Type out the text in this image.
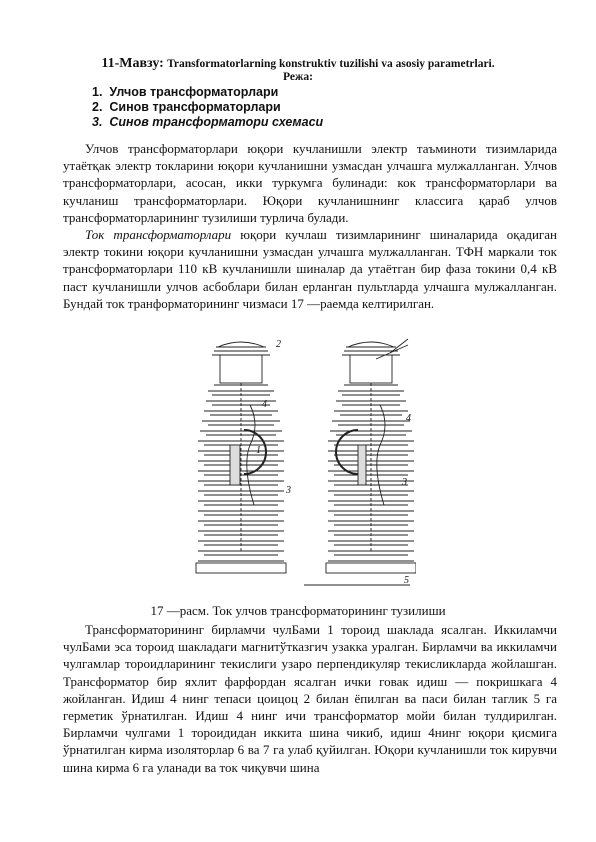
11-Мавзу: Transformatorlarning konstruktiv tuzilishi va asosiy parametrlari.
Режа:
1. Улчов трансформаторлари
2. Синов трансформаторлари
3. Синов трансформатори схемаси

Улчов трансформаторлари юқори кучланишли электр таъминоти тизимларида утаётқак электр токларини юқори кучланишни узмасдан улчашга мулжалланган. Улчов трансформаторлари, асосан, икки туркумга булинади: кок трансформаторлари ва кучланиш трансформаторлари. Юқори кучланишнинг классига қараб улчов трансформаторларининг тузилиши турлича булади.

Ток трансформаторлари юқори кучлаш тизимларининг шиналарида оқадиган электр токини юқори кучланишни узмасдан улчашга мулжалланган. ТФН маркали ток трансформаторлари 110 кВ кучланишли шиналар да утаётган бир фаза токини 0,4 кВ паст кучланишли улчов асбоблари билан ерланган пультларда улчашга мулжалланган. Бундай ток транформаторининг чизмаси 17 —раемда келтирилган.

2
4
1
3
4
3
5
17 —расм. Ток улчов трансформаторининг тузилиши

Трансформаторининг бирламчи чулБами 1 тороид шаклада ясалган. Иккиламчи чулБами эса тороид шакладаги магнитўтказгич узакка уралган. Бирламчи ва иккиламчи чулгамлар тороидларининг текислиги узаро перпендикуляр текисликларда жойлашган. Трансформатор бир яхлит фарфордан ясалган ички говак идиш — покришкага 4 жойланган. Идиш 4 нинг тепаси цоицоц 2 билан ёпилган ва паси билан таглик 5 га герметик ўрнатилган. Идиш 4 нинг ичи трансформатор мойи билан тулдирилган. Бирламчи чулгами 1 тороидидан иккита шина чикиб, идиш 4нинг юқори қисмига ўрнатилган кирма изоляторлар 6 ва 7 га улаб қуйилган. Юқори кучланишли ток кирувчи шина кирма 6 га уланади ва ток чиқувчи шина
